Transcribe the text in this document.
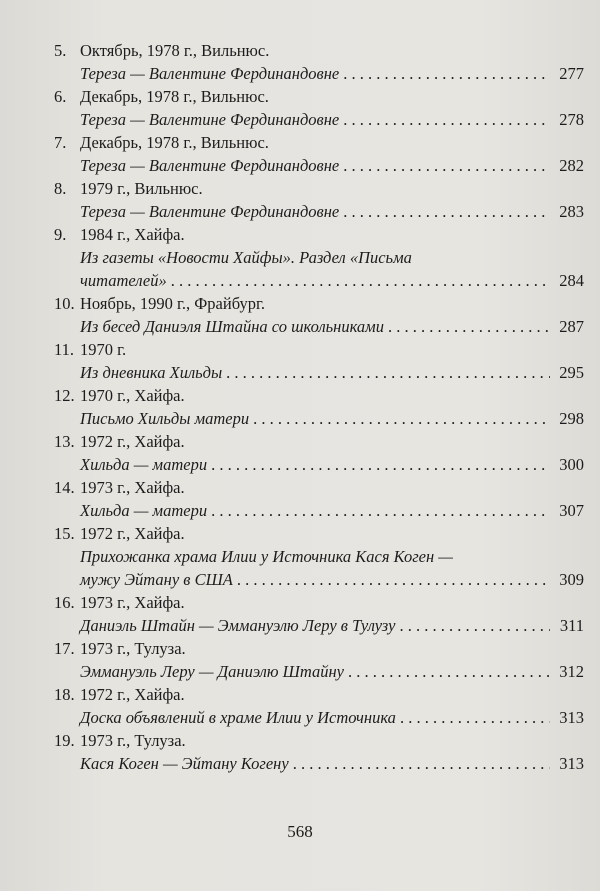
5. Октябрь, 1978 г., Вильнюс.
Тереза — Валентине Фердинандовне . . .	277
6. Декабрь, 1978 г., Вильнюс.
Тереза — Валентине Фердинандовне . . .	278
7. Декабрь, 1978 г., Вильнюс.
Тереза — Валентине Фердинандовне . . .	282
8. 1979 г., Вильнюс.
Тереза — Валентине Фердинандовне . . .	283
9. 1984 г., Хайфа.
Из газеты «Новости Хайфы». Раздел «Письма
читателей» . . .	284
10. Ноябрь, 1990 г., Фрайбург.
Из бесед Даниэля Штайна со школьниками . . .	287
11. 1970 г.
Из дневника Хильды . . .	295
12. 1970 г., Хайфа.
Письмо Хильды матери . . .	298
13. 1972 г., Хайфа.
Хильда — матери . . .	300
14. 1973 г., Хайфа.
Хильда — матери . . .	307
15. 1972 г., Хайфа.
Прихожанка храма Илии у Источника Кася Коген —
мужу Эйтану в США . . .	309
16. 1973 г., Хайфа.
Даниэль Штайн — Эммануэлю Леру в Тулузу . . .	311
17. 1973 г., Тулуза.
Эммануэль Леру — Даниэлю Штайну . . .	312
18. 1972 г., Хайфа.
Доска объявлений в храме Илии у Источника . . .	313
19. 1973 г., Тулуза.
Кася Коген — Эйтану Когену . . .	313
568
